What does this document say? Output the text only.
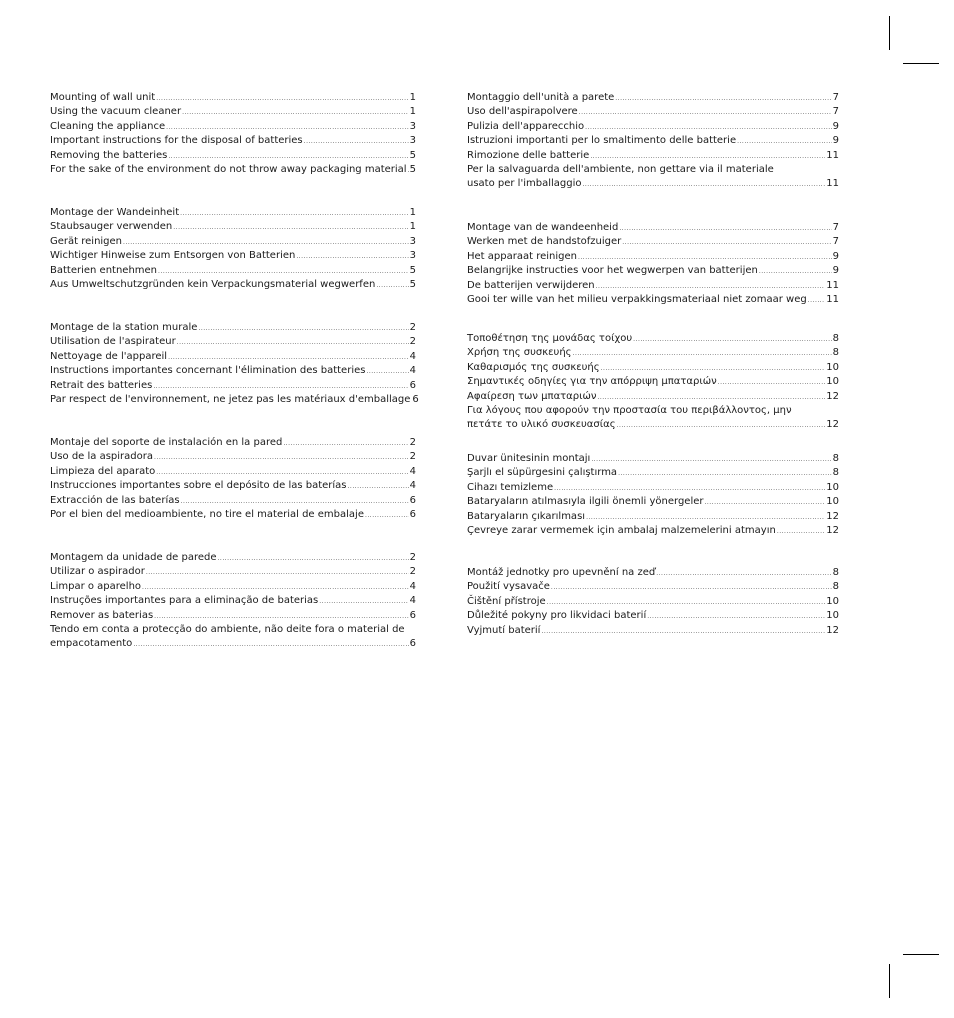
Mounting of wall unit .....	1
Using the vacuum cleaner .....	1
Cleaning the appliance .....	3
Important instructions for the disposal of batteries .....	3
Removing the batteries .....	5
For the sake of the environment do not throw away packaging material ..... 5
Montage der Wandeinheit .....	1
Staubsauger verwenden .....	1
Gerät reinigen .....	3
Wichtiger Hinweise zum Entsorgen von Batterien .....	3
Batterien entnehmen .....	5
Aus Umweltschutzgründen kein Verpackungsmaterial wegwerfen .....	5
Montage de la station murale .....	2
Utilisation de l'aspirateur .....	2
Nettoyage de l'appareil .....	4
Instructions importantes concernant l'élimination des batteries .....	4
Retrait des batteries .....	6
Par respect de l'environnement, ne jetez pas les matériaux d'emballage 6
Montaje del soporte de instalación en la pared .....	2
Uso de la aspiradora .....	2
Limpieza del aparato .....	4
Instrucciones importantes sobre el depósito de las baterías .....	4
Extracción de las baterías .....	6
Por el bien del medioambiente, no tire el material de embalaje .....	6
Montagem da unidade de parede .....	2
Utilizar o aspirador .....	2
Limpar o aparelho .....	4
Instruções importantes para a eliminação de baterias .....	4
Remover as baterias .....	6
Tendo em conta a protecção do ambiente, não deite fora o material de
empacotamento .....	6
Montaggio dell'unità a parete .....	7
Uso dell'aspirapolvere .....	7
Pulizia dell'apparecchio .....	9
Istruzioni importanti per lo smaltimento delle batterie .....	9
Rimozione delle batterie .....	11
Per la salvaguarda dell'ambiente, non gettare via il materiale
usato per l'imballaggio .....	11
Montage van de wandeenheid .....	7
Werken met de handstofzuiger .....	7
Het apparaat reinigen .....	9
Belangrijke instructies voor het wegwerpen van batterijen .....	9
De batterijen verwijderen .....	11
Gooi ter wille van het milieu verpakkingsmateriaal niet zomaar weg ..... 11
Τοποθέτηση της μονάδας τοίχου .....	8
Χρήση της συσκευής .....	8
Καθαρισμός της συσκευής .....	10
Σημαντικές οδηγίες για την απόρριψη μπαταριών .....	10
Αφαίρεση των μπαταριών .....	12
Για λόγους που αφορούν την προστασία του περιβάλλοντος, μην
πετάτε το υλικό συσκευασίας .....	12
Duvar ünitesinin montajı .....	8
Şarjlı el süpürgesini çalıştırma .....	8
Cihazı temizleme .....	10
Bataryaların atılmasıyla ilgili önemli yönergeler .....	10
Bataryaların çıkarılması .....	12
Çevreye zarar vermemek için ambalaj malzemelerini atmayın .....	12
Montáž jednotky pro upevnění na zeď .....	8
Použití vysavače .....	8
Čištění přístroje .....	10
Důležité pokyny pro likvidaci baterií .....	10
Vyjmutí baterií .....	12
